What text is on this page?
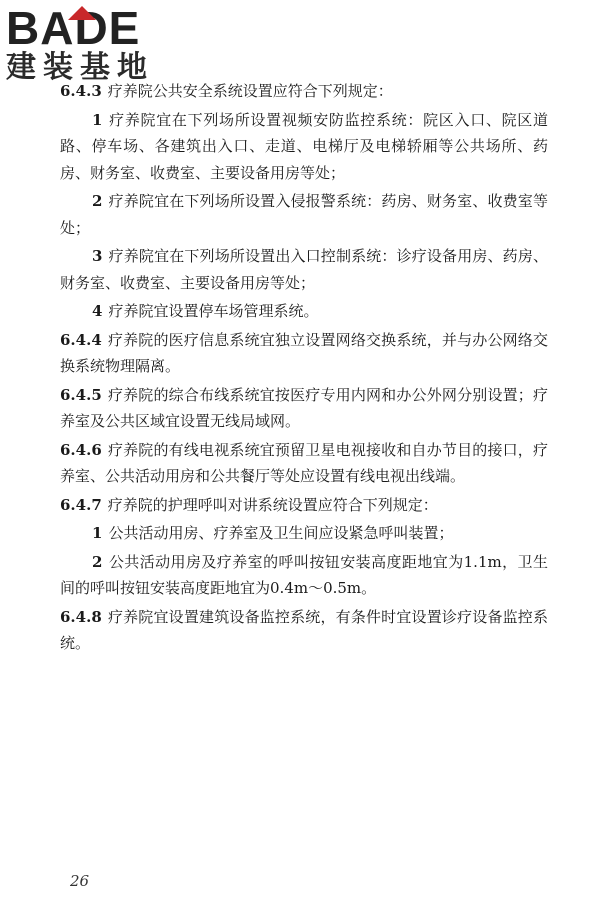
BADE
建装基地

6.4.3 疗养院公共安全系统设置应符合下列规定：

1 疗养院宜在下列场所设置视频安防监控系统：院区入口、院区道路、停车场、各建筑出入口、走道、电梯厅及电梯轿厢等公共场所、药房、财务室、收费室、主要设备用房等处；

2 疗养院宜在下列场所设置入侵报警系统：药房、财务室、收费室等处；

3 疗养院宜在下列场所设置出入口控制系统：诊疗设备用房、药房、财务室、收费室、主要设备用房等处；

4 疗养院宜设置停车场管理系统。

6.4.4 疗养院的医疗信息系统宜独立设置网络交换系统，并与办公网络交换系统物理隔离。

6.4.5 疗养院的综合布线系统宜按医疗专用内网和办公外网分别设置；疗养室及公共区域宜设置无线局域网。

6.4.6 疗养院的有线电视系统宜预留卫星电视接收和自办节目的接口，疗养室、公共活动用房和公共餐厅等处应设置有线电视出线端。

6.4.7 疗养院的护理呼叫对讲系统设置应符合下列规定：

1 公共活动用房、疗养室及卫生间应设紧急呼叫装置；

2 公共活动用房及疗养室的呼叫按钮安装高度距地宜为1.1m，卫生间的呼叫按钮安装高度距地宜为0.4m～0.5m。

6.4.8 疗养院宜设置建筑设备监控系统，有条件时宜设置诊疗设备监控系统。

26
